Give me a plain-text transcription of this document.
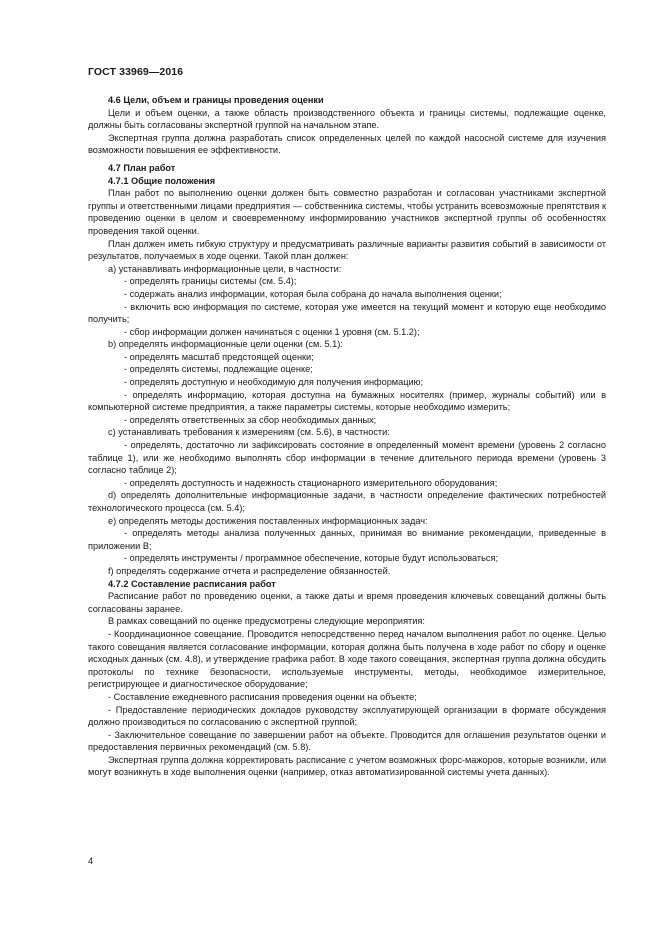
ГОСТ 33969—2016

4.6 Цели, объем и границы проведения оценки

Цели и объем оценки, а также область производственного объекта и границы системы, подлежащие оценке, должны быть согласованы экспертной группой на начальном этапе.

Экспертная группа должна разработать список определенных целей по каждой насосной системе для изучения возможности повышения ее эффективности.

4.7 План работ

4.7.1 Общие положения

План работ по выполнению оценки должен быть совместно разработан и согласован участниками экспертной группы и ответственными лицами предприятия — собственника системы, чтобы устранить всевозможные препятствия к проведению оценки в целом и своевременному информированию участников экспертной группы об особенностях проведения такой оценки.

План должен иметь гибкую структуру и предусматривать различные варианты развития событий в зависимости от результатов, получаемых в ходе оценки. Такой план должен:

а) устанавливать информационные цели, в частности:

- определять границы системы (см. 5.4);

- содержать анализ информации, которая была собрана до начала выполнения оценки;

- включить всю информация по системе, которая уже имеется на текущий момент и которую еще необходимо получить;

- сбор информации должен начинаться с оценки 1 уровня (см. 5.1.2);

b) определять информационные цели оценки (см. 5.1):

- определять масштаб предстоящей оценки;

- определять системы, подлежащие оценке;

- определять доступную и необходимую для получения информацию;

- определять информацию, которая доступна на бумажных носителях (пример, журналы событий) или в компьютерной системе предприятия, а также параметры системы, которые необходимо измерить;

- определять ответственных за сбор необходимых данных;

с) устанавливать требования к измерениям (см. 5.6), в частности:

- определять, достаточно ли зафиксировать состояние в определенный момент времени (уровень 2 согласно таблице 1), или же необходимо выполнять сбор информации в течение длительного периода времени (уровень 3 согласно таблице 2);

- определять доступность и надежность стационарного измерительного оборудования;

d) определять дополнительные информационные задачи, в частности определение фактических потребностей технологического процесса (см. 5.4);

е) определять методы достижения поставленных информационных задач:

- определять методы анализа полученных данных, принимая во внимание рекомендации, приведенные в приложении В;

- определять инструменты / программное обеспечение, которые будут использоваться;

f) определять содержание отчета и распределение обязанностей.

4.7.2 Составление расписания работ

Расписание работ по проведению оценки, а также даты и время проведения ключевых совещаний должны быть согласованы заранее.

В рамках совещаний по оценке предусмотрены следующие мероприятия:

- Координационное совещание. Проводится непосредственно перед началом выполнения работ по оценке. Целью такого совещания является согласование информации, которая должна быть получена в ходе работ по сбору и оценке исходных данных (см. 4.8), и утверждение графика работ. В ходе такого совещания, экспертная группа должна обсудить протоколы по технике безопасности, используемые инструменты, методы, необходимое измерительное, регистрирующее и диагностическое оборудование;

- Составление ежедневного расписания проведения оценки на объекте;

- Предоставление периодических докладов руководству эксплуатирующей организации в формате обсуждения должно производиться по согласованию с экспертной группой;

- Заключительное совещание по завершении работ на объекте. Проводится для оглашения результатов оценки и предоставления первичных рекомендаций (см. 5.8).

Экспертная группа должна корректировать расписание с учетом возможных форс-мажоров, которые возникли, или могут возникнуть в ходе выполнения оценки (например, отказ автоматизированной системы учета данных).

4
